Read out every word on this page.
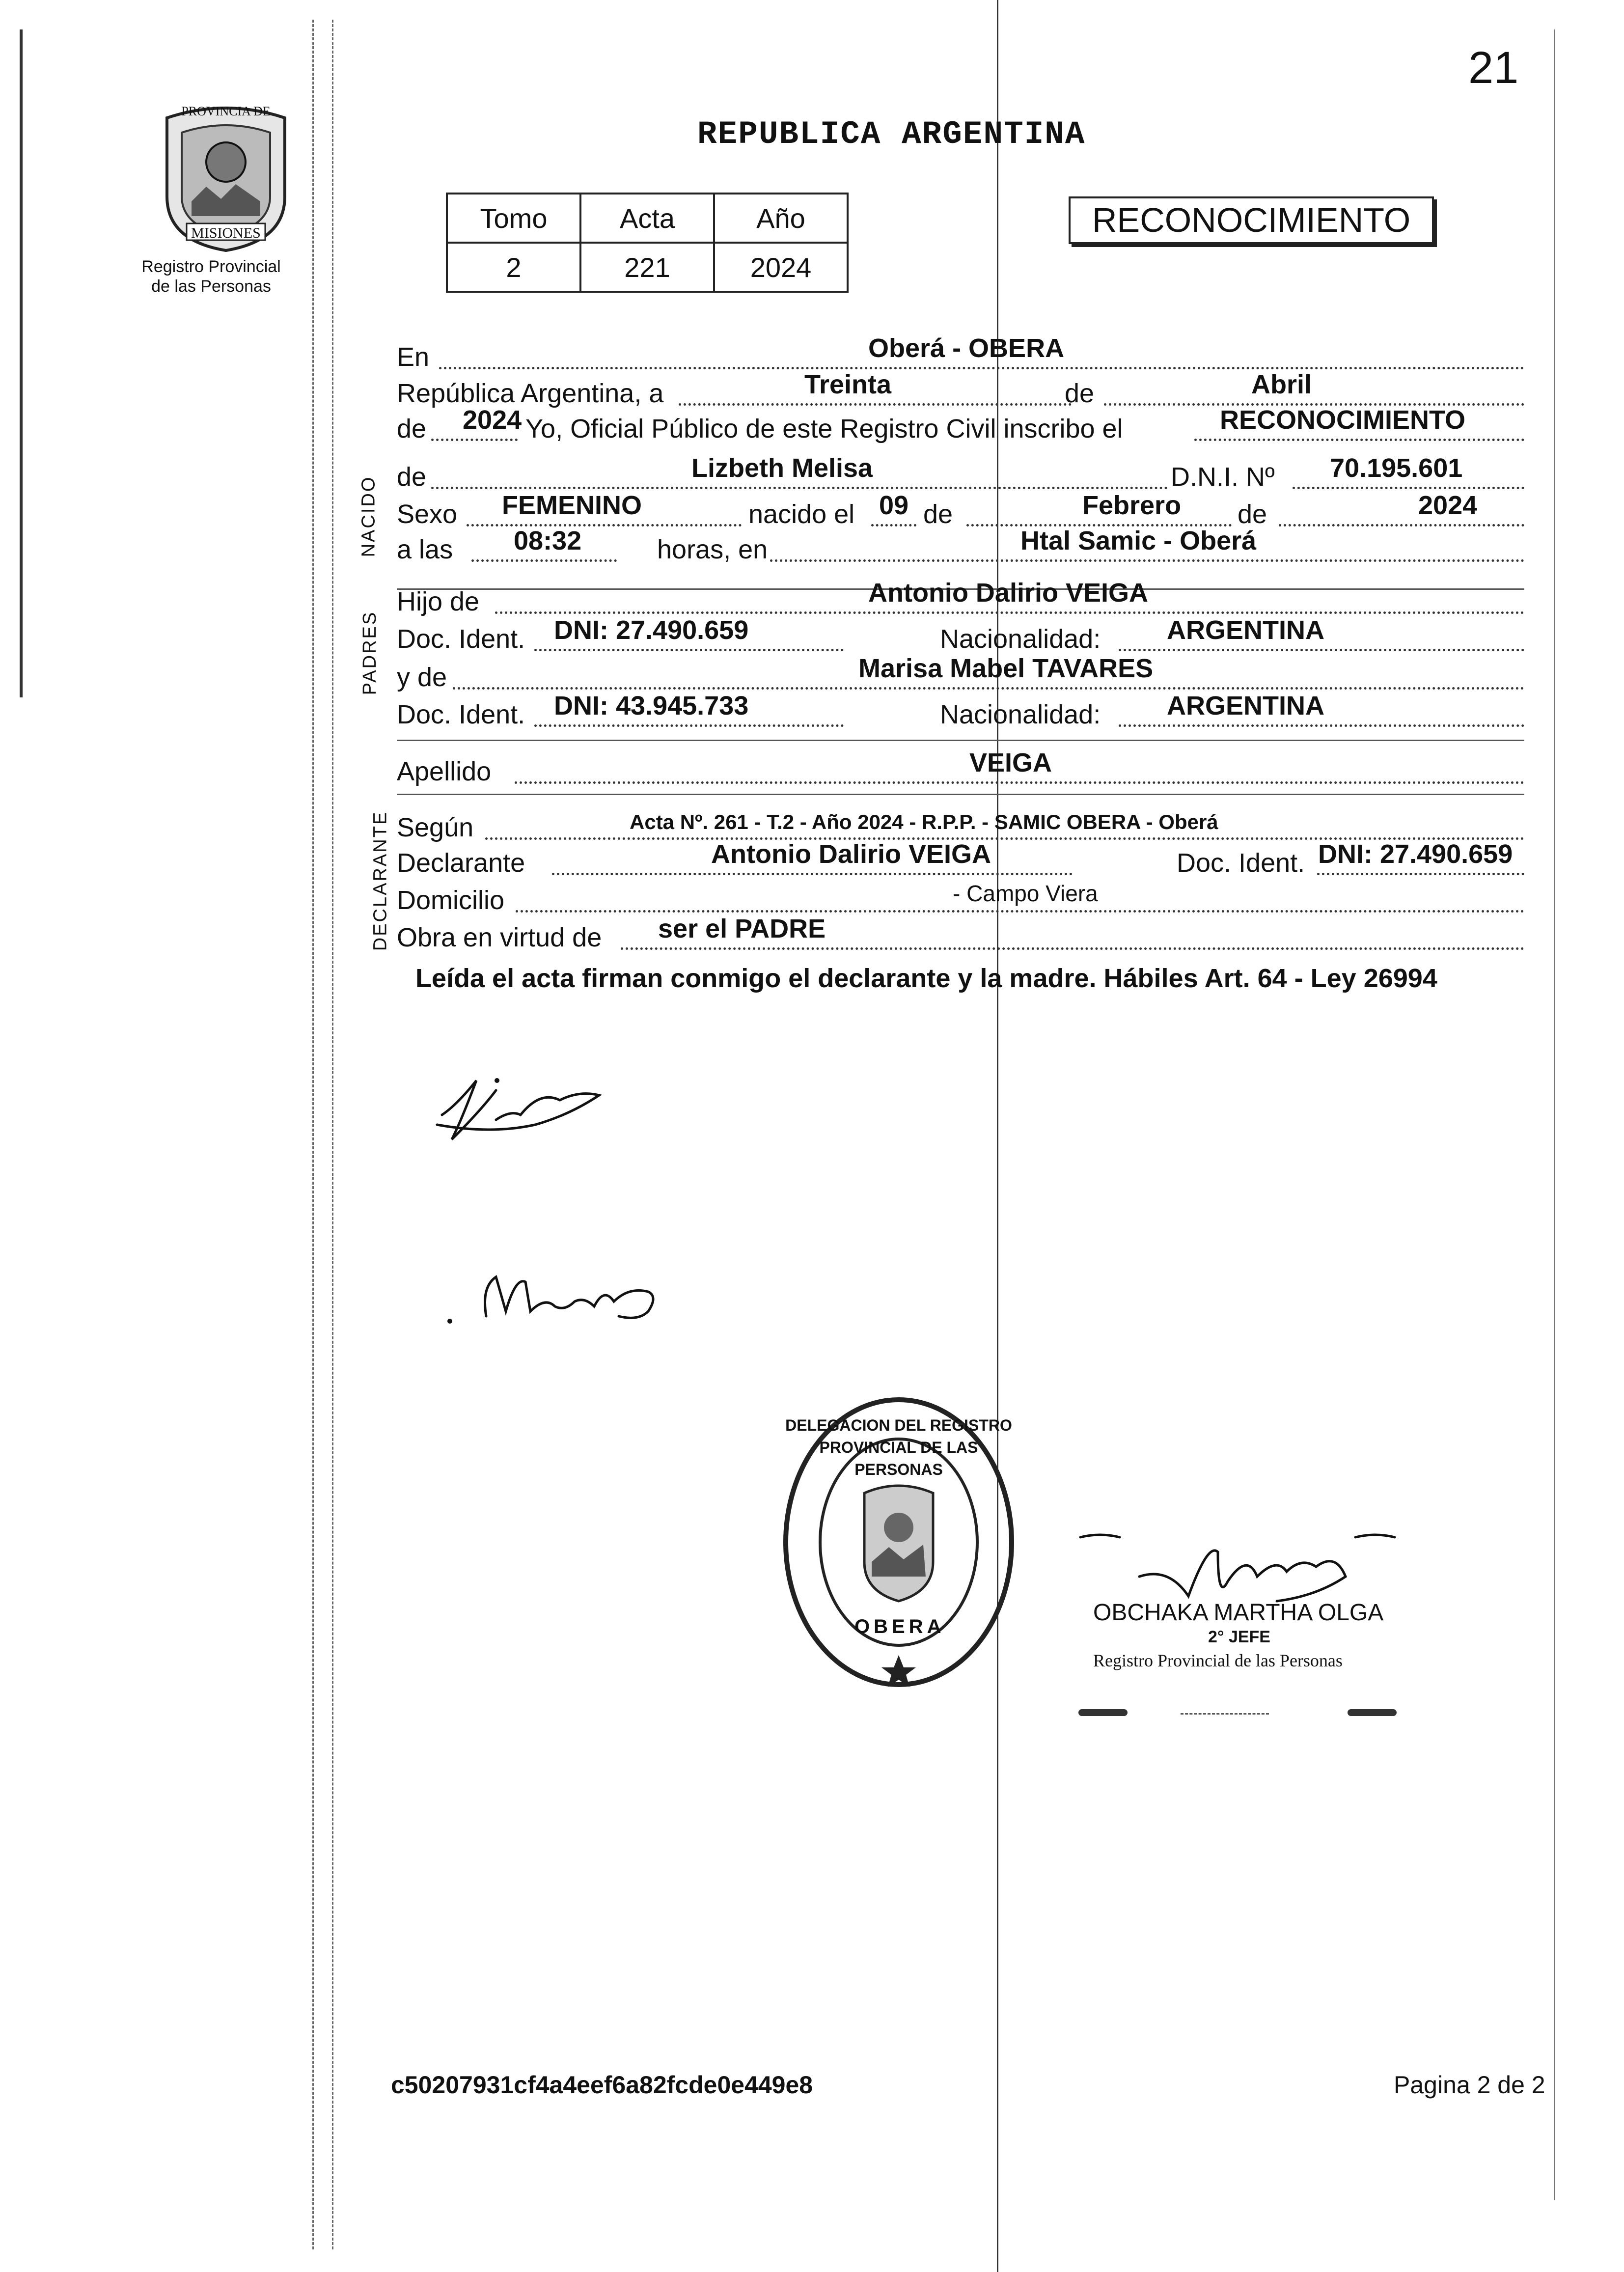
21
PROVINCIA DE
MISIONES
Registro Provincial
de las Personas
REPUBLICA ARGENTINA
Tomo	Acta	Año
2	221	2024
RECONOCIMIENTO
NACIDO
PADRES
DECLARANTE
En	Oberá - OBERA
República Argentina, a	Treinta	de	Abril
de 2024 Yo, Oficial Público de este Registro Civil inscribo el	RECONOCIMIENTO
de	Lizbeth Melisa	D.N.I. Nº 70.195.601
Sexo FEMENINO	nacido el 09 de	Febrero de	2024
a las 08:32	horas, en	Htal Samic - Oberá
Hijo de	Antonio Dalirio VEIGA
Doc. Ident. DNI: 27.490.659	Nacionalidad: ARGENTINA
y de	Marisa Mabel TAVARES
Doc. Ident. DNI: 43.945.733	Nacionalidad: ARGENTINA
Apellido	VEIGA
Según	Acta Nº. 261 - T.2 - Año 2024 - R.P.P. - SAMIC OBERA - Oberá
Declarante	Antonio Dalirio VEIGA	Doc. Ident. DNI: 27.490.659
Domicilio	- Campo Viera
Obra en virtud de ser el PADRE
Leída el acta firman conmigo el declarante y la madre. Hábiles Art. 64 - Ley 26994
DELEGACION DEL REGISTRO PROVINCIAL DE LAS PERSONAS
OBERA
OBCHAKA MARTHA OLGA
2° JEFE
Registro Provincial de las Personas
c50207931cf4a4eef6a82fcde0e449e8	Pagina 2 de 2
